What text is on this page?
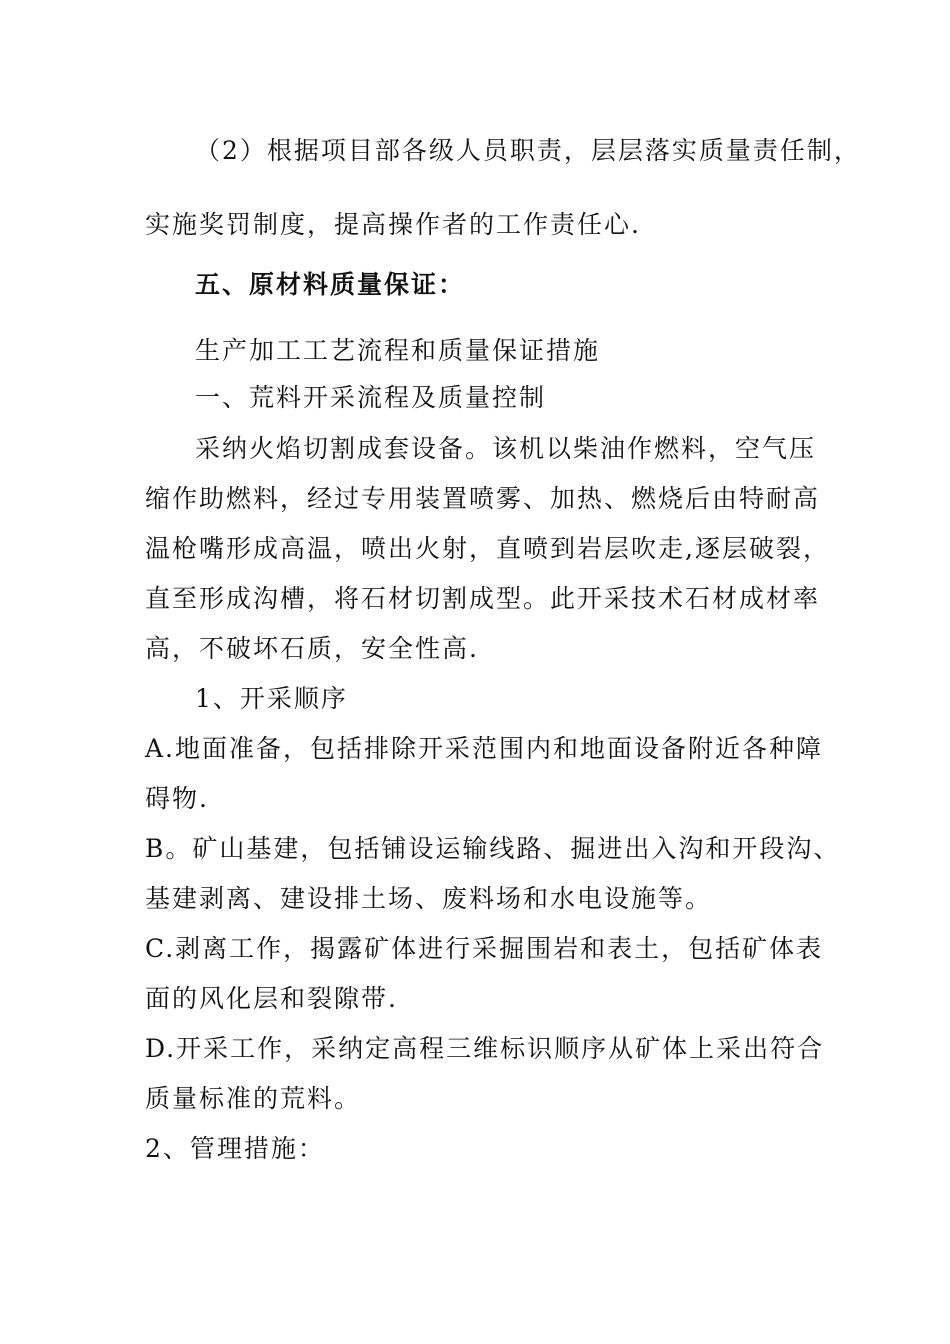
（2）根据项目部各级人员职责，层层落实质量责任制，
实施奖罚制度，提高操作者的工作责任心.
五、原材料质量保证：
生产加工工艺流程和质量保证措施
一、荒料开采流程及质量控制
采纳火焰切割成套设备。该机以柴油作燃料，空气压
缩作助燃料，经过专用装置喷雾、加热、燃烧后由特耐高
温枪嘴形成高温，喷出火射，直喷到岩层吹走,逐层破裂，
直至形成沟槽，将石材切割成型。此开采技术石材成材率
高，不破坏石质，安全性高.
1、开采顺序
A.地面准备，包括排除开采范围内和地面设备附近各种障
碍物.
B。矿山基建，包括铺设运输线路、掘进出入沟和开段沟、
基建剥离、建设排土场、废料场和水电设施等。
C.剥离工作，揭露矿体进行采掘围岩和表土，包括矿体表
面的风化层和裂隙带.
D.开采工作，采纳定高程三维标识顺序从矿体上采出符合
质量标准的荒料。
2、管理措施：
